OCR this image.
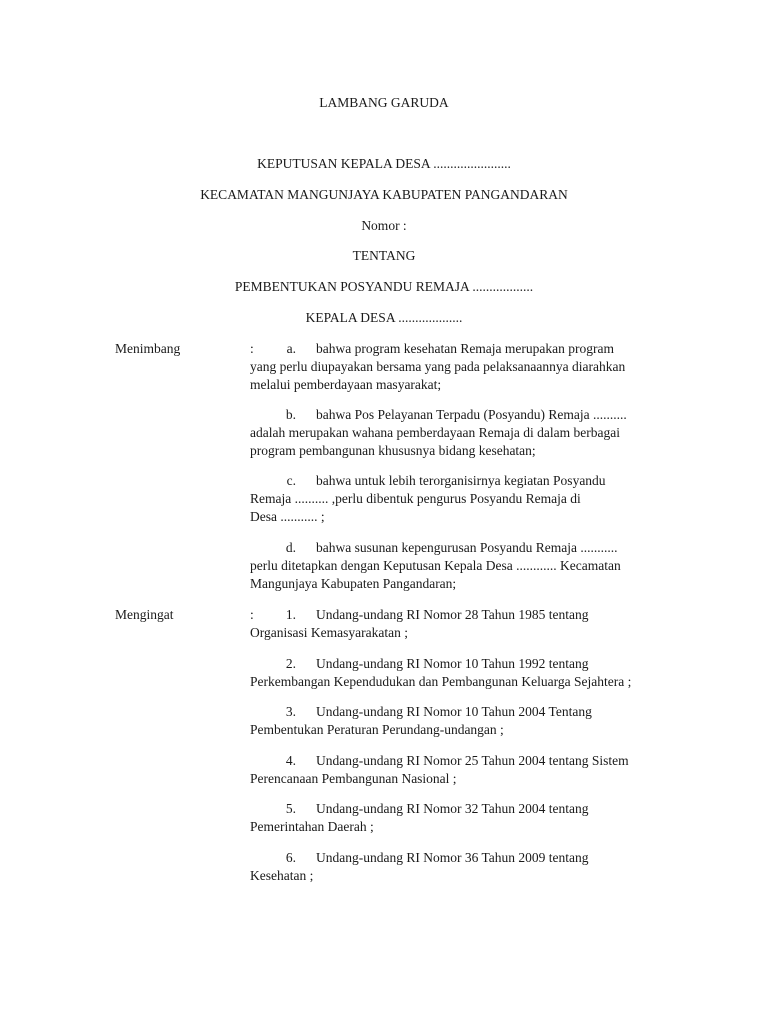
LAMBANG GARUDA
KEPUTUSAN KEPALA DESA .......................
KECAMATAN MANGUNJAYA KABUPATEN PANGANDARAN
Nomor :
TENTANG
PEMBENTUKAN POSYANDU REMAJA ..................
KEPALA DESA ...................
Menimbang	: a. bahwa program kesehatan Remaja merupakan program
yang perlu diupayakan bersama yang pada pelaksanaannya diarahkan
melalui pemberdayaan masyarakat;
b. bahwa Pos Pelayanan Terpadu (Posyandu) Remaja ..........
adalah merupakan wahana pemberdayaan Remaja di dalam berbagai
program pembangunan khususnya bidang kesehatan;
c. bahwa untuk lebih terorganisirnya kegiatan Posyandu
Remaja .......... ,perlu dibentuk pengurus Posyandu Remaja di
Desa ........... ;
d. bahwa susunan kepengurusan Posyandu Remaja ...........
perlu ditetapkan dengan Keputusan Kepala Desa ............ Kecamatan
Mangunjaya Kabupaten Pangandaran;
Mengingat	: 1. Undang-undang RI Nomor 28 Tahun 1985 tentang
Organisasi Kemasyarakatan ;
2. Undang-undang RI Nomor 10 Tahun 1992 tentang
Perkembangan Kependudukan dan Pembangunan Keluarga Sejahtera ;
3. Undang-undang RI Nomor 10 Tahun 2004 Tentang
Pembentukan Peraturan Perundang-undangan ;
4. Undang-undang RI Nomor 25 Tahun 2004 tentang Sistem
Perencanaan Pembangunan Nasional ;
5. Undang-undang RI Nomor 32 Tahun 2004 tentang
Pemerintahan Daerah ;
6. Undang-undang RI Nomor 36 Tahun 2009 tentang
Kesehatan ;
